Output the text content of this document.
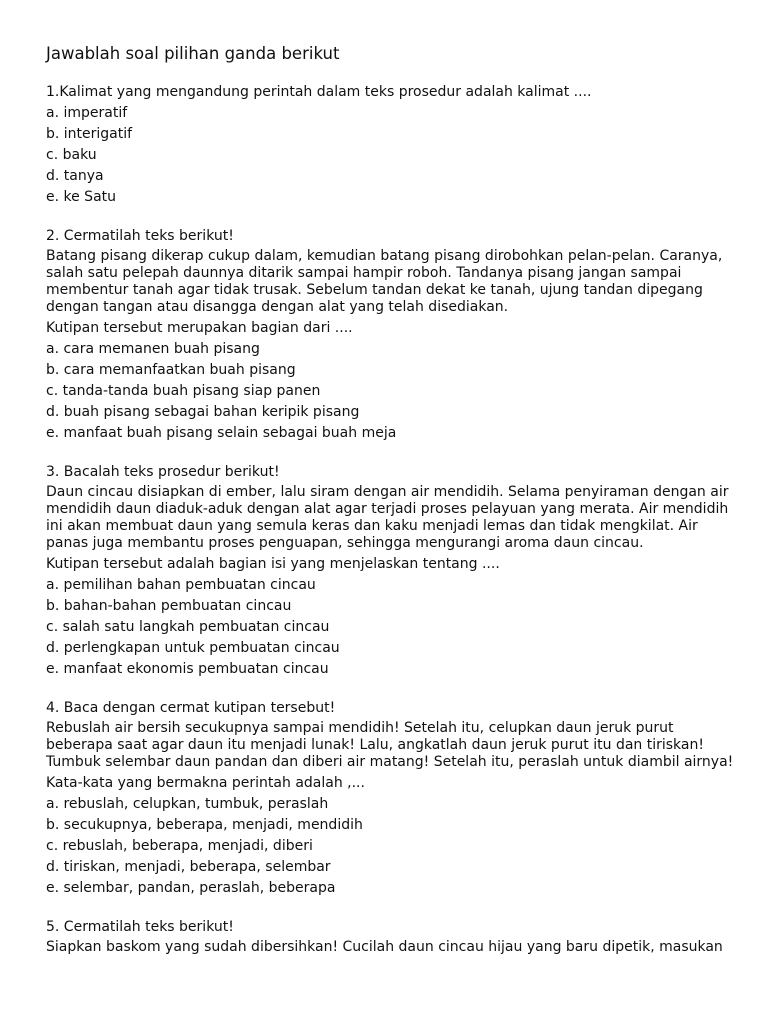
Jawablah soal pilihan ganda berikut
1.Kalimat yang mengandung perintah dalam teks prosedur adalah kalimat ....
a. imperatif
b. interigatif
c. baku
d. tanya
e. ke Satu
2. Cermatilah teks berikut!
Batang pisang dikerap cukup dalam, kemudian batang pisang dirobohkan pelan-pelan. Caranya,
salah satu pelepah daunnya ditarik sampai hampir roboh. Tandanya pisang jangan sampai
membentur tanah agar tidak trusak. Sebelum tandan dekat ke tanah, ujung tandan dipegang
dengan tangan atau disangga dengan alat yang telah disediakan.
Kutipan tersebut merupakan bagian dari ....
a. cara memanen buah pisang
b. cara memanfaatkan buah pisang
c. tanda-tanda buah pisang siap panen
d. buah pisang sebagai bahan keripik pisang
e. manfaat buah pisang selain sebagai buah meja
3. Bacalah teks prosedur berikut!
Daun cincau disiapkan di ember, lalu siram dengan air mendidih. Selama penyiraman dengan air
mendidih daun diaduk-aduk dengan alat agar terjadi proses pelayuan yang merata. Air mendidih
ini akan membuat daun yang semula keras dan kaku menjadi lemas dan tidak mengkilat. Air
panas juga membantu proses penguapan, sehingga mengurangi aroma daun cincau.
Kutipan tersebut adalah bagian isi yang menjelaskan tentang ....
a. pemilihan bahan pembuatan cincau
b. bahan-bahan pembuatan cincau
c. salah satu langkah pembuatan cincau
d. perlengkapan untuk pembuatan cincau
e. manfaat ekonomis pembuatan cincau
4. Baca dengan cermat kutipan tersebut!
Rebuslah air bersih secukupnya sampai mendidih! Setelah itu, celupkan daun jeruk purut
beberapa saat agar daun itu menjadi lunak! Lalu, angkatlah daun jeruk purut itu dan tiriskan!
Tumbuk selembar daun pandan dan diberi air matang! Setelah itu, peraslah untuk diambil airnya!
Kata-kata yang bermakna perintah adalah ,...
a. rebuslah, celupkan, tumbuk, peraslah
b. secukupnya, beberapa, menjadi, mendidih
c. rebuslah, beberapa, menjadi, diberi
d. tiriskan, menjadi, beberapa, selembar
e. selembar, pandan, peraslah, beberapa
5. Cermatilah teks berikut!
Siapkan baskom yang sudah dibersihkan! Cucilah daun cincau hijau yang baru dipetik, masukan
